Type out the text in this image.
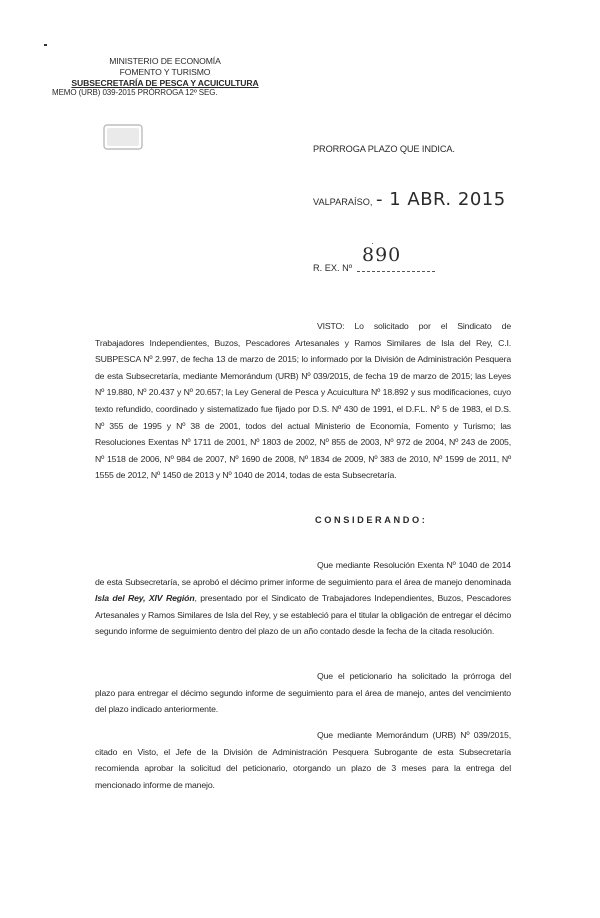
MINISTERIO DE ECONOMÍA
FOMENTO Y TURISMO
SUBSECRETARÍA DE PESCA Y ACUICULTURA
MEMO (URB) 039-2015 PRÓRROGA 12º SEG.
PRORROGA PLAZO QUE INDICA.
VALPARAÍSO, - 1 ABR. 2015
R. EX. Nº
890
VISTO: Lo solicitado por el Sindicato de Trabajadores Independientes, Buzos, Pescadores Artesanales y Ramos Similares de Isla del Rey, C.I. SUBPESCA Nº 2.997, de fecha 13 de marzo de 2015; lo informado por la División de Administración Pesquera de esta Subsecretaría, mediante Memorándum (URB) Nº 039/2015, de fecha 19 de marzo de 2015; las Leyes Nº 19.880, Nº 20.437 y Nº 20.657; la Ley General de Pesca y Acuicultura Nº 18.892 y sus modificaciones, cuyo texto refundido, coordinado y sistematizado fue fijado por D.S. Nº 430 de 1991, el D.F.L. Nº 5 de 1983, el D.S. Nº 355 de 1995 y Nº 38 de 2001, todos del actual Ministerio de Economía, Fomento y Turismo; las Resoluciones Exentas Nº 1711 de 2001, Nº 1803 de 2002, Nº 855 de 2003, Nº 972 de 2004, Nº 243 de 2005, Nº 1518 de 2006, Nº 984 de 2007, Nº 1690 de 2008, Nº 1834 de 2009, Nº 383 de 2010, Nº 1599 de 2011, Nº 1555 de 2012, Nº 1450 de 2013 y Nº 1040 de 2014, todas de esta Subsecretaría.
CONSIDERANDO:
Que mediante Resolución Exenta Nº 1040 de 2014 de esta Subsecretaría, se aprobó el décimo primer informe de seguimiento para el área de manejo denominada Isla del Rey, XIV Región, presentado por el Sindicato de Trabajadores Independientes, Buzos, Pescadores Artesanales y Ramos Similares de Isla del Rey, y se estableció para el titular la obligación de entregar el décimo segundo informe de seguimiento dentro del plazo de un año contado desde la fecha de la citada resolución.
Que el peticionario ha solicitado la prórroga del plazo para entregar el décimo segundo informe de seguimiento para el área de manejo, antes del vencimiento del plazo indicado anteriormente.
Que mediante Memorándum (URB) Nº 039/2015, citado en Visto, el Jefe de la División de Administración Pesquera Subrogante de esta Subsecretaría recomienda aprobar la solicitud del peticionario, otorgando un plazo de 3 meses para la entrega del mencionado informe de manejo.
